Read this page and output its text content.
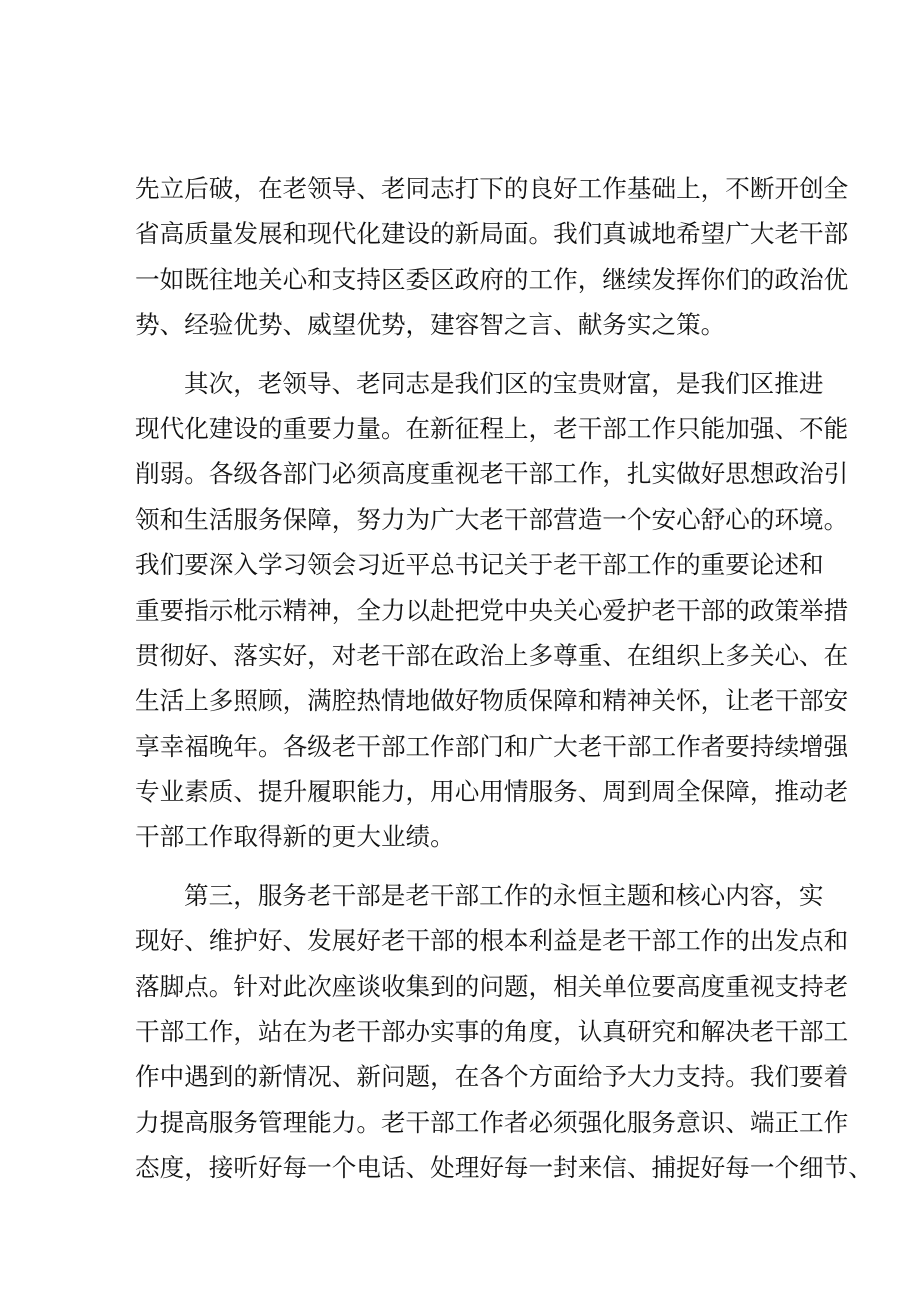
先立后破，在老领导、老同志打下的良好工作基础上，不断开创全
省高质量发展和现代化建设的新局面。我们真诚地希望广大老干部
一如既往地关心和支持区委区政府的工作，继续发挥你们的政治优
势、经验优势、威望优势，建容智之言、献务实之策。
其次，老领导、老同志是我们区的宝贵财富，是我们区推进
现代化建设的重要力量。在新征程上，老干部工作只能加强、不能
削弱。各级各部门必须高度重视老干部工作，扎实做好思想政治引
领和生活服务保障，努力为广大老干部营造一个安心舒心的环境。
我们要深入学习领会习近平总书记关于老干部工作的重要论述和
重要指示枇示精神，全力以赴把党中央关心爱护老干部的政策举措
贯彻好、落实好，对老干部在政治上多尊重、在组织上多关心、在
生活上多照顾，满腔热情地做好物质保障和精神关怀，让老干部安
享幸福晚年。各级老干部工作部门和广大老干部工作者要持续增强
专业素质、提升履职能力，用心用情服务、周到周全保障，推动老
干部工作取得新的更大业绩。
第三，服务老干部是老干部工作的永恒主题和核心内容，实
现好、维护好、发展好老干部的根本利益是老干部工作的出发点和
落脚点。针对此次座谈收集到的问题，相关单位要高度重视支持老
干部工作，站在为老干部办实事的角度，认真研究和解决老干部工
作中遇到的新情况、新问题，在各个方面给予大力支持。我们要着
力提高服务管理能力。老干部工作者必须强化服务意识、端正工作
态度，接听好每一个电话、处理好每一封来信、捕捉好每一个细节、
